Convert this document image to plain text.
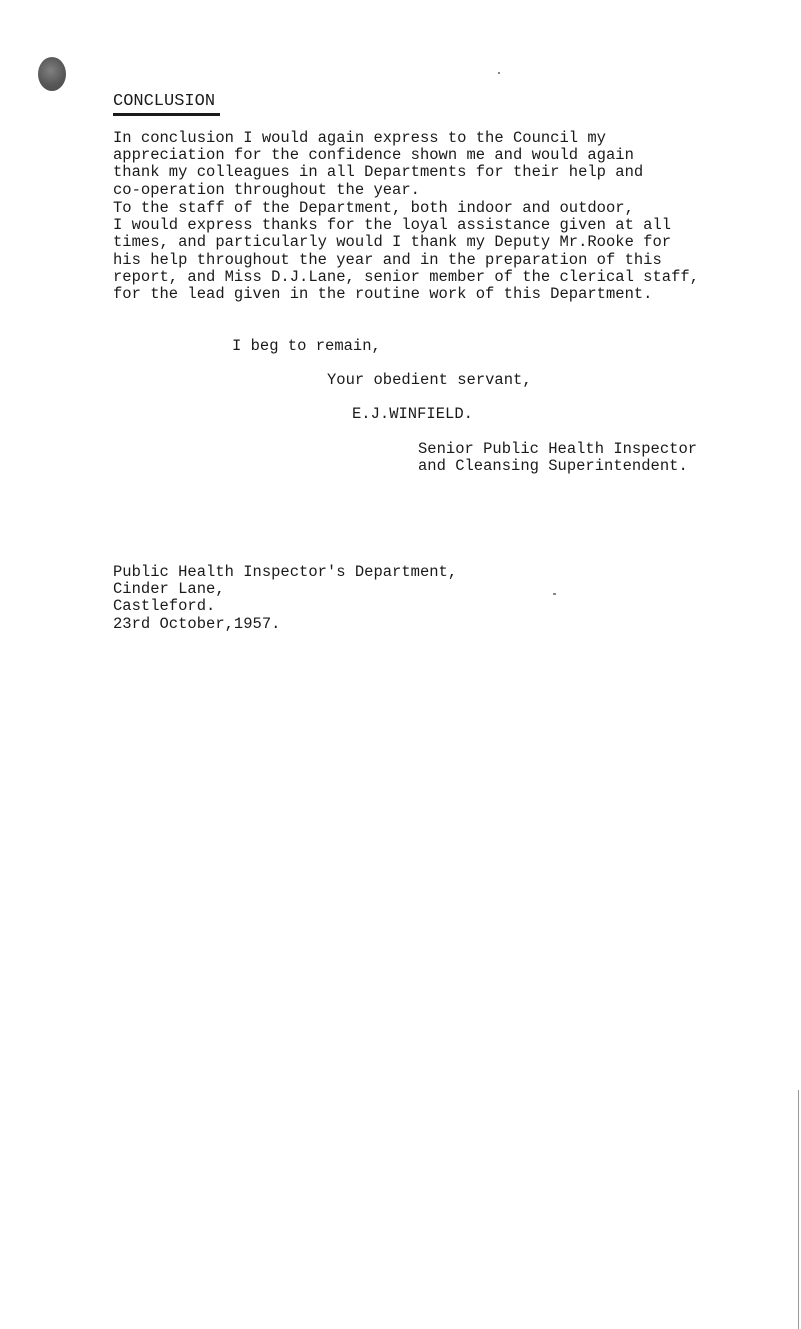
CONCLUSION

In conclusion I would again express to the Council my
appreciation for the confidence shown me and would again
thank my colleagues in all Departments for their help and
co-operation throughout the year.

To the staff of the Department, both indoor and outdoor,
I would express thanks for the loyal assistance given at all
times, and particularly would I thank my Deputy Mr.Rooke for
his help throughout the year and in the preparation of this
report, and Miss D.J.Lane, senior member of the clerical staff,
for the lead given in the routine work of this Department.

I beg to remain,

Your obedient servant,

E.J.WINFIELD.

Senior Public Health Inspector
and Cleansing Superintendent.

Public Health Inspector's Department,
Cinder Lane,
Castleford.
23rd October,1957.
